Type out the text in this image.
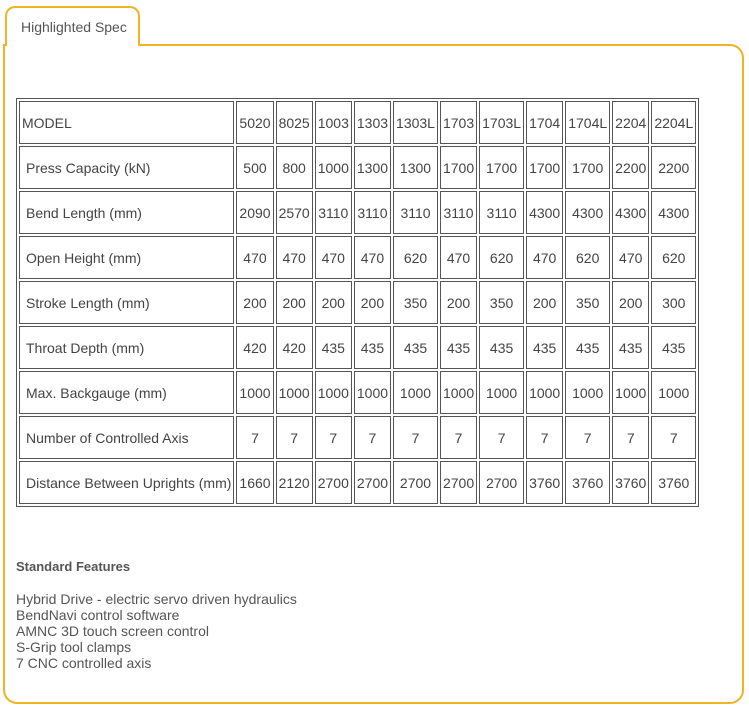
Highlighted Spec
MODEL	5020	8025	1003	1303	1303L	1703	1703L	1704	1704L	2204	2204L
Press Capacity (kN)	500	800	1000	1300	1300	1700	1700	1700	1700	2200	2200
Bend Length (mm)	2090	2570	3110	3110	3110	3110	3110	4300	4300	4300	4300
Open Height (mm)	470	470	470	470	620	470	620	470	620	470	620
Stroke Length (mm)	200	200	200	200	350	200	350	200	350	200	300
Throat Depth (mm)	420	420	435	435	435	435	435	435	435	435	435
Max. Backgauge (mm)	1000	1000	1000	1000	1000	1000	1000	1000	1000	1000	1000
Number of Controlled Axis	7	7	7	7	7	7	7	7	7	7	7
Distance Between Uprights (mm)	1660	2120	2700	2700	2700	2700	2700	3760	3760	3760	3760
Standard Features
Hybrid Drive - electric servo driven hydraulics
BendNavi control software
AMNC 3D touch screen control
S-Grip tool clamps
7 CNC controlled axis
